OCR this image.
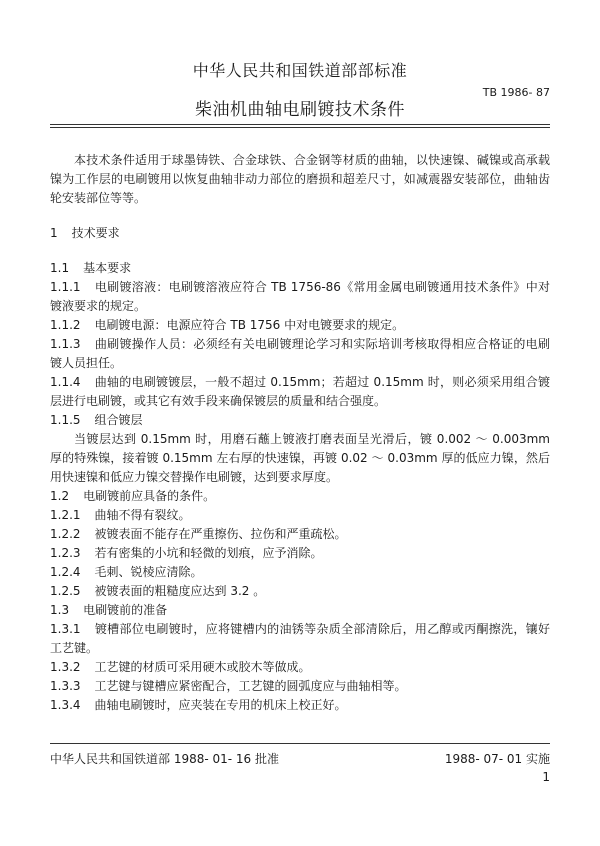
中华人民共和国铁道部部标准
TB 1986- 87
柴油机曲轴电刷镀技术条件

本技术条件适用于球墨铸铁、合金球铁、合金钢等材质的曲轴，以快速镍、碱镍或高承载镍为工作层的电刷镀用以恢复曲轴非动力部位的磨损和超差尺寸，如减震器安装部位，曲轴齿轮安装部位等等。

1 技术要求

1.1 基本要求

1.1.1 电刷镀溶液：电刷镀溶液应符合 TB 1756-86《常用金属电刷镀通用技术条件》中对镀液要求的规定。

1.1.2 电刷镀电源：电源应符合 TB 1756 中对电镀要求的规定。

1.1.3 曲刷镀操作人员：必须经有关电刷镀理论学习和实际培训考核取得相应合格证的电刷镀人员担任。

1.1.4 曲轴的电刷镀镀层，一般不超过 0.15mm；若超过 0.15mm 时，则必须采用组合镀层进行电刷镀，或其它有效手段来确保镀层的质量和结合强度。

1.1.5 组合镀层

当镀层达到 0.15mm 时，用磨石蘸上镀液打磨表面呈光滑后，镀 0.002 ～ 0.003mm 厚的特殊镍，接着镀 0.15mm 左右厚的快速镍，再镀 0.02 ～ 0.03mm 厚的低应力镍，然后用快速镍和低应力镍交替操作电刷镀，达到要求厚度。

1.2 电刷镀前应具备的条件。

1.2.1 曲轴不得有裂纹。

1.2.2 被镀表面不能存在严重擦伤、拉伤和严重疏松。

1.2.3 若有密集的小坑和轻微的划痕，应予消除。

1.2.4 毛刺、锐棱应清除。

1.2.5 被镀表面的粗糙度应达到 3.2 。

1.3 电刷镀前的准备

1.3.1 镀槽部位电刷镀时，应将键槽内的油锈等杂质全部清除后，用乙醇或丙酮擦洗，镶好工艺键。

1.3.2 工艺键的材质可采用硬木或胶木等做成。

1.3.3 工艺键与键槽应紧密配合，工艺键的圆弧度应与曲轴相等。

1.3.4 曲轴电刷镀时，应夹装在专用的机床上校正好。

中华人民共和国铁道部 1988- 01- 16 批准	1988- 07- 01 实施
1
